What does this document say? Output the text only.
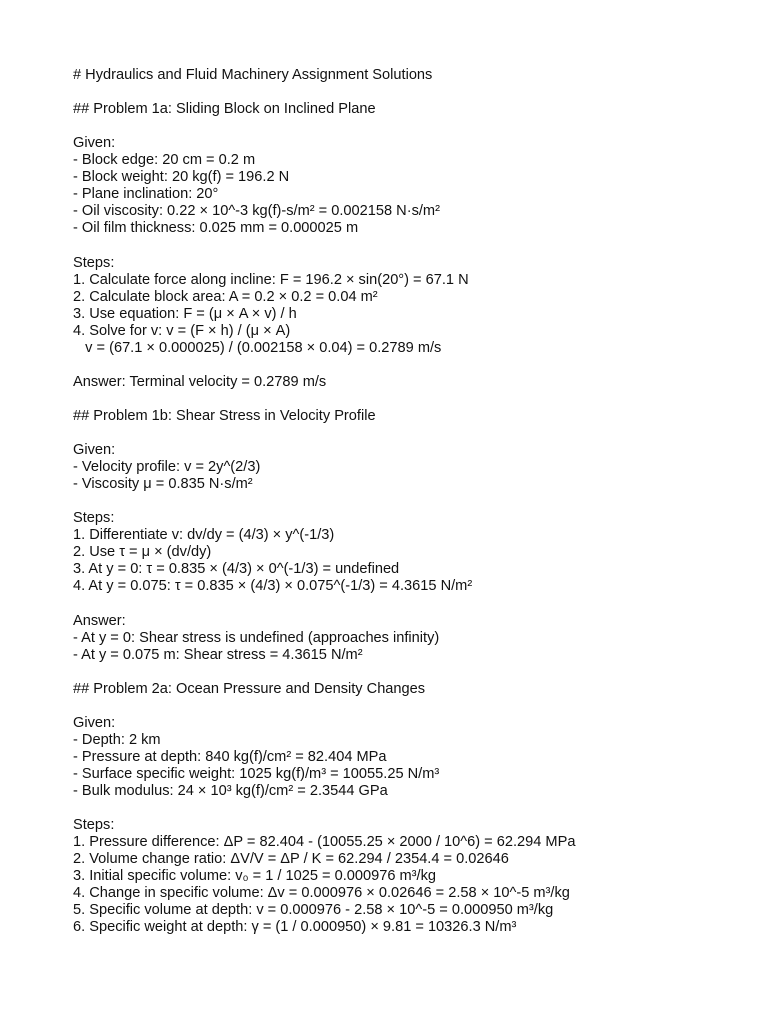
# Hydraulics and Fluid Machinery Assignment Solutions
## Problem 1a: Sliding Block on Inclined Plane
Given:
- Block edge: 20 cm = 0.2 m
- Block weight: 20 kg(f) = 196.2 N
- Plane inclination: 20°
- Oil viscosity: 0.22 × 10^-3 kg(f)-s/m² = 0.002158 N·s/m²
- Oil film thickness: 0.025 mm = 0.000025 m
Steps:
1. Calculate force along incline: F = 196.2 × sin(20°) = 67.1 N
2. Calculate block area: A = 0.2 × 0.2 = 0.04 m²
3. Use equation: F = (μ × A × v) / h
4. Solve for v: v = (F × h) / (μ × A)
v = (67.1 × 0.000025) / (0.002158 × 0.04) = 0.2789 m/s
Answer: Terminal velocity = 0.2789 m/s
## Problem 1b: Shear Stress in Velocity Profile
Given:
- Velocity profile: v = 2y^(2/3)
- Viscosity μ = 0.835 N·s/m²
Steps:
1. Differentiate v: dv/dy = (4/3) × y^(-1/3)
2. Use τ = μ × (dv/dy)
3. At y = 0: τ = 0.835 × (4/3) × 0^(-1/3) = undefined
4. At y = 0.075: τ = 0.835 × (4/3) × 0.075^(-1/3) = 4.3615 N/m²
Answer:
- At y = 0: Shear stress is undefined (approaches infinity)
- At y = 0.075 m: Shear stress = 4.3615 N/m²
## Problem 2a: Ocean Pressure and Density Changes
Given:
- Depth: 2 km
- Pressure at depth: 840 kg(f)/cm² = 82.404 MPa
- Surface specific weight: 1025 kg(f)/m³ = 10055.25 N/m³
- Bulk modulus: 24 × 10³ kg(f)/cm² = 2.3544 GPa
Steps:
1. Pressure difference: ΔP = 82.404 - (10055.25 × 2000 / 10^6) = 62.294 MPa
2. Volume change ratio: ΔV/V = ΔP / K = 62.294 / 2354.4 = 0.02646
3. Initial specific volume: v₀ = 1 / 1025 = 0.000976 m³/kg
4. Change in specific volume: Δv = 0.000976 × 0.02646 = 2.58 × 10^-5 m³/kg
5. Specific volume at depth: v = 0.000976 - 2.58 × 10^-5 = 0.000950 m³/kg
6. Specific weight at depth: γ = (1 / 0.000950) × 9.81 = 10326.3 N/m³
